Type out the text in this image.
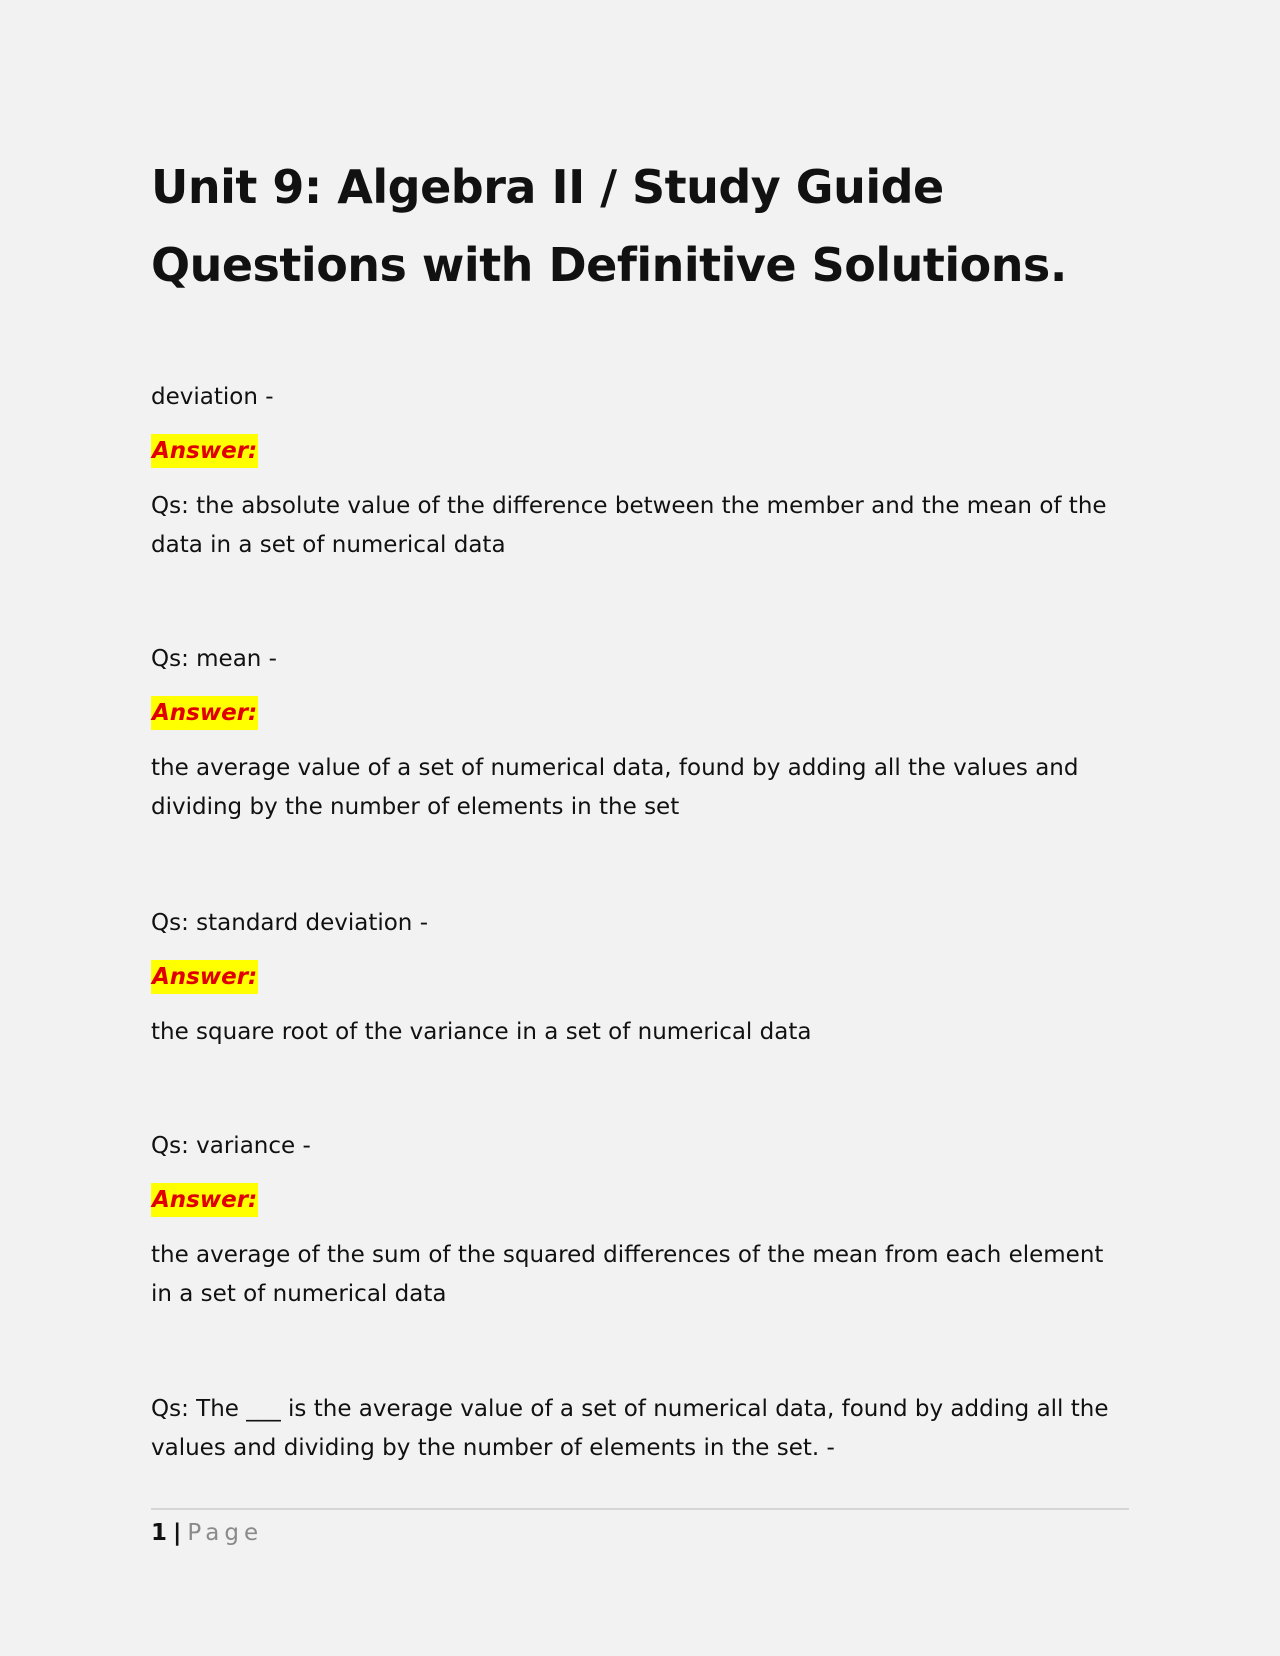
Unit 9: Algebra II / Study Guide
Questions with Definitive Solutions.

deviation -

Answer:

Qs: the absolute value of the difference between the member and the mean of the data in a set of numerical data

Qs: mean -

Answer:

the average value of a set of numerical data, found by adding all the values and dividing by the number of elements in the set

Qs: standard deviation -

Answer:

the square root of the variance in a set of numerical data

Qs: variance -

Answer:

the average of the sum of the squared differences of the mean from each element in a set of numerical data

Qs: The ___ is the average value of a set of numerical data, found by adding all the values and dividing by the number of elements in the set. -

1 | Page
